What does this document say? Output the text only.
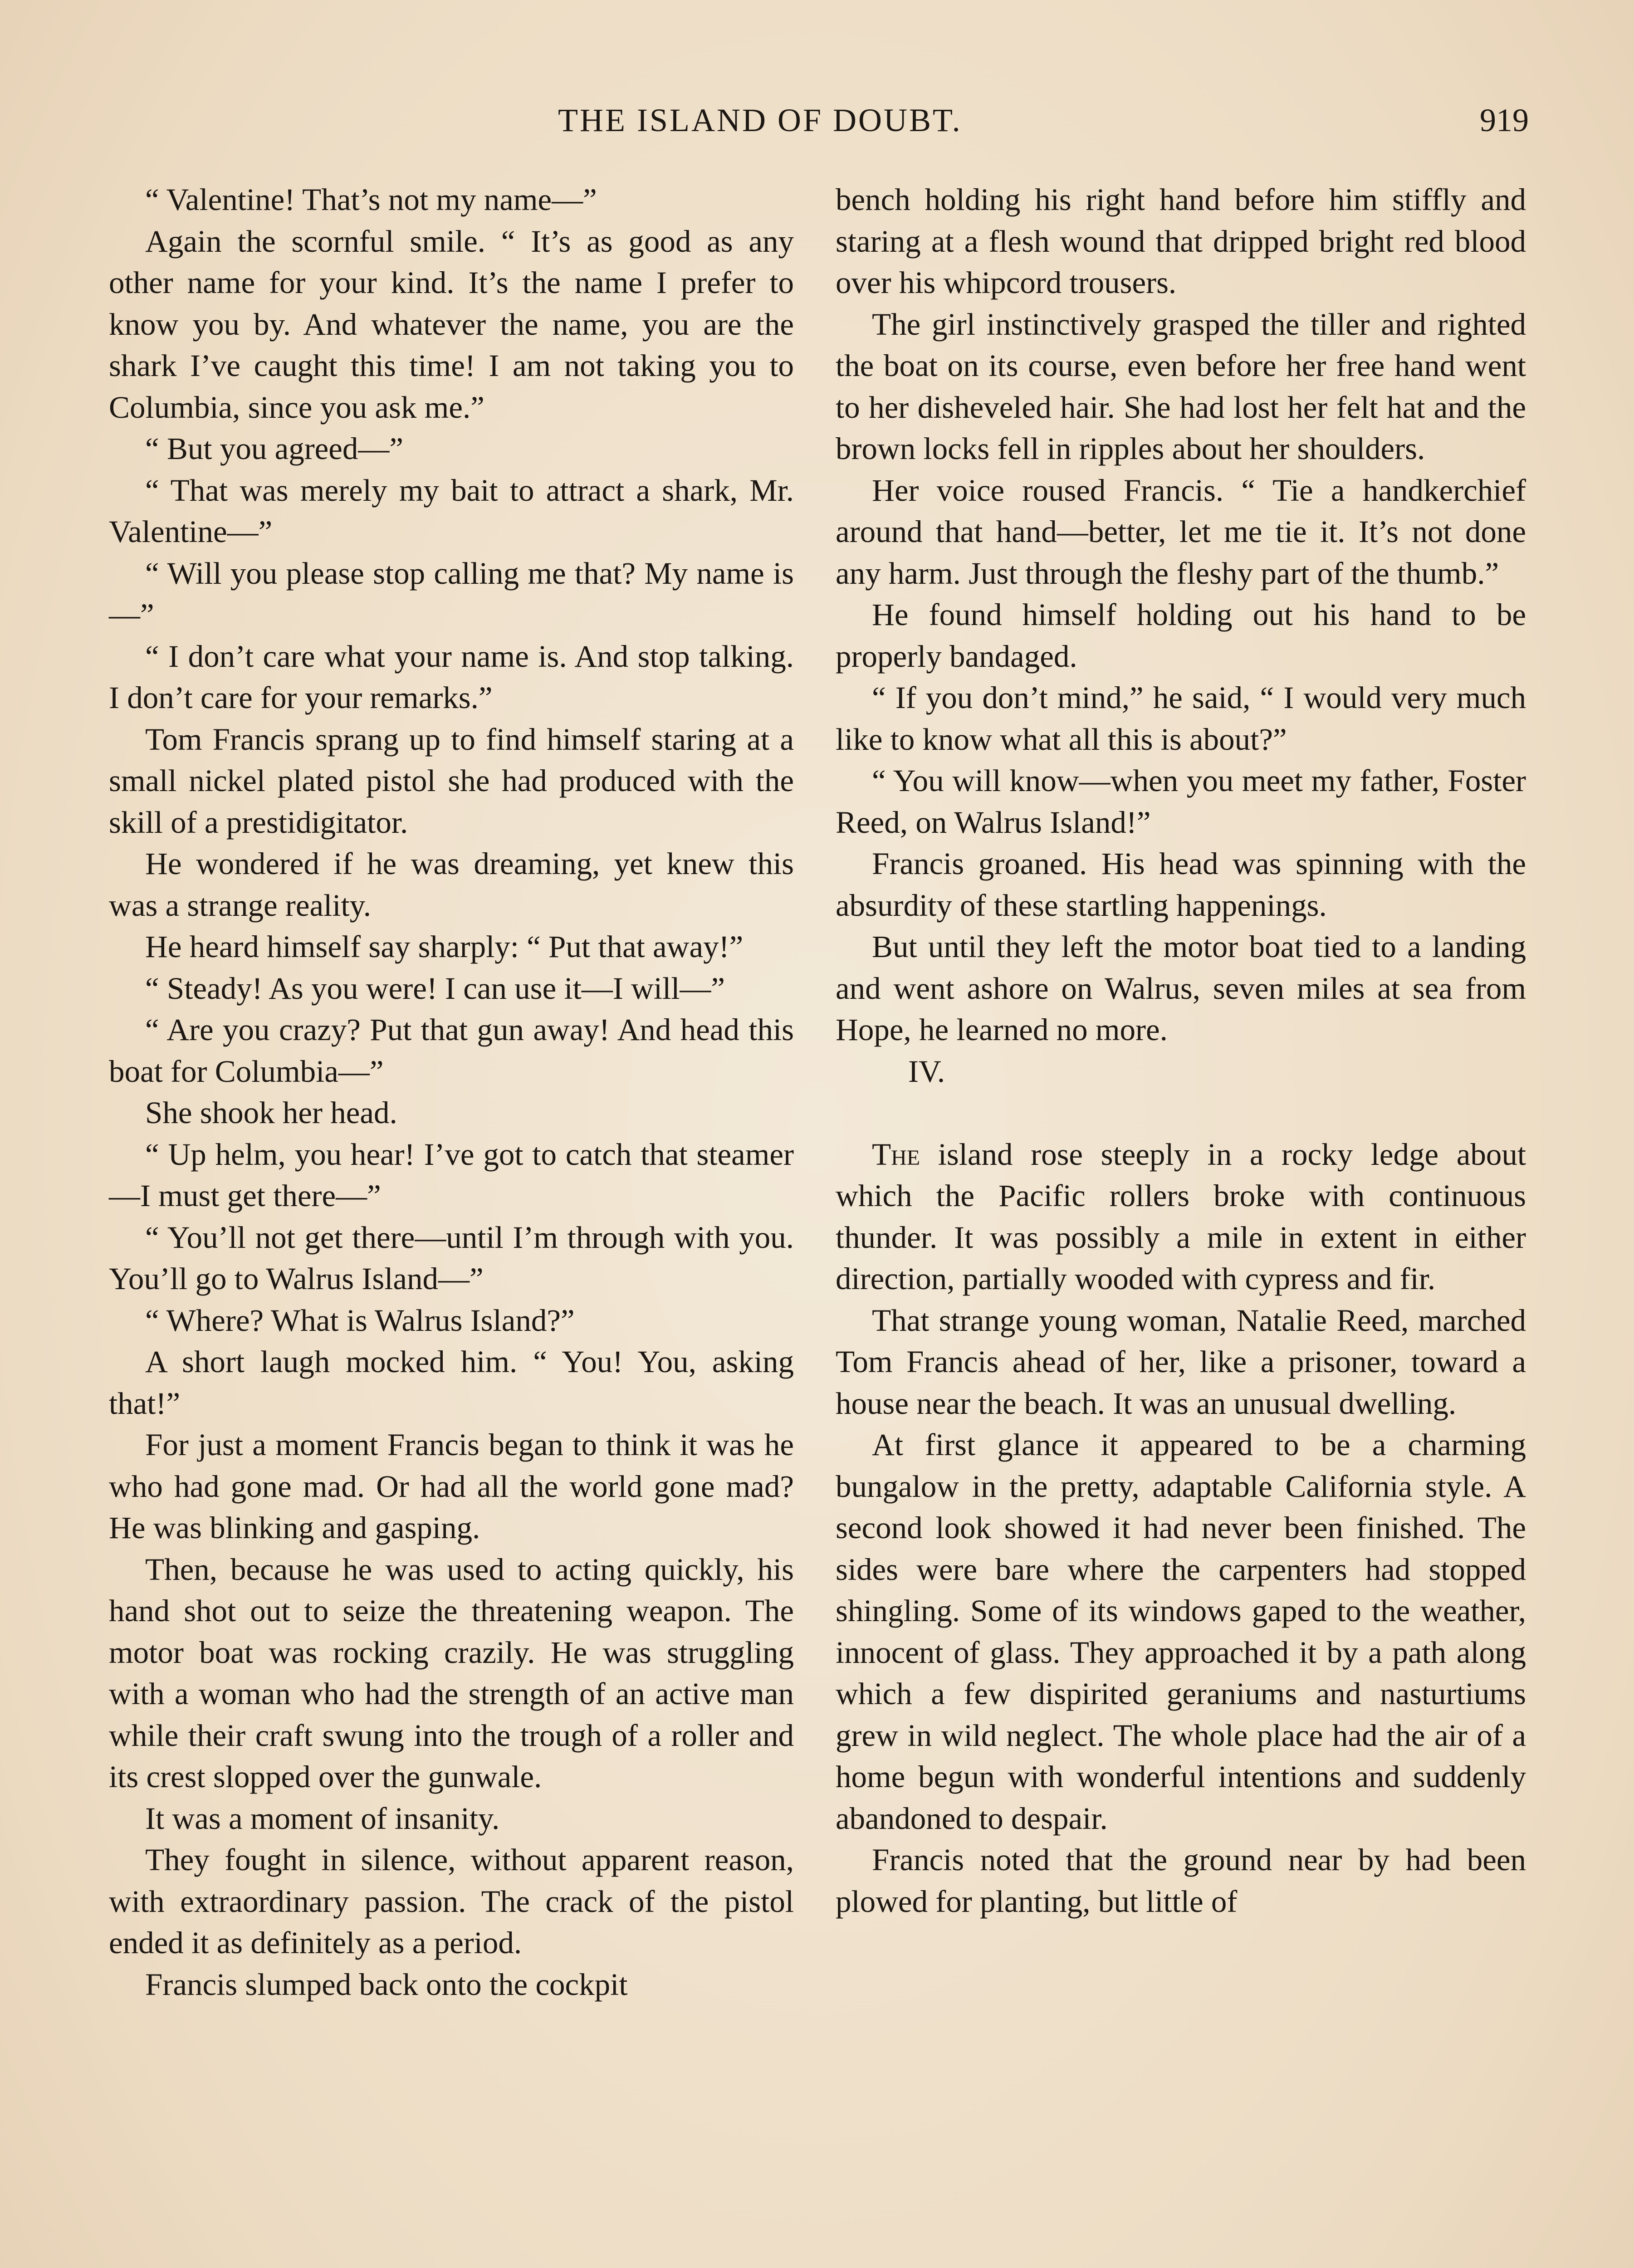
THE ISLAND OF DOUBT.	919

“ Valentine! That’s not my name—”

Again the scornful smile. “ It’s as good as any other name for your kind. It’s the name I prefer to know you by. And whatever the name, you are the shark I’ve caught this time! I am not taking you to Columbia, since you ask me.”

“ But you agreed—”

“ That was merely my bait to attract a shark, Mr. Valentine—”

“ Will you please stop calling me that? My name is—”

“ I don’t care what your name is. And stop talking. I don’t care for your remarks.”

Tom Francis sprang up to find himself staring at a small nickel plated pistol she had produced with the skill of a prestidigitator.

He wondered if he was dreaming, yet knew this was a strange reality.

He heard himself say sharply: “ Put that away!”

“ Steady! As you were! I can use it—I will—”

“ Are you crazy? Put that gun away! And head this boat for Columbia—”

She shook her head.

“ Up helm, you hear! I’ve got to catch that steamer—I must get there—”

“ You’ll not get there—until I’m through with you. You’ll go to Walrus Island—”

“ Where? What is Walrus Island?”

A short laugh mocked him. “ You! You, asking that!”

For just a moment Francis began to think it was he who had gone mad. Or had all the world gone mad? He was blinking and gasping.

Then, because he was used to acting quickly, his hand shot out to seize the threatening weapon. The motor boat was rocking crazily. He was struggling with a woman who had the strength of an active man while their craft swung into the trough of a roller and its crest slopped over the gunwale.

It was a moment of insanity.

They fought in silence, without apparent reason, with extraordinary passion. The crack of the pistol ended it as definitely as a period.

Francis slumped back onto the cockpit

bench holding his right hand before him stiffly and staring at a flesh wound that dripped bright red blood over his whipcord trousers.

The girl instinctively grasped the tiller and righted the boat on its course, even before her free hand went to her disheveled hair. She had lost her felt hat and the brown locks fell in ripples about her shoulders.

Her voice roused Francis. “ Tie a handkerchief around that hand—better, let me tie it. It’s not done any harm. Just through the fleshy part of the thumb.”

He found himself holding out his hand to be properly bandaged.

“ If you don’t mind,” he said, “ I would very much like to know what all this is about?”

“ You will know—when you meet my father, Foster Reed, on Walrus Island!”

Francis groaned. His head was spinning with the absurdity of these startling happenings.

But until they left the motor boat tied to a landing and went ashore on Walrus, seven miles at sea from Hope, he learned no more.

IV.

The island rose steeply in a rocky ledge about which the Pacific rollers broke with continuous thunder. It was possibly a mile in extent in either direction, partially wooded with cypress and fir.

That strange young woman, Natalie Reed, marched Tom Francis ahead of her, like a prisoner, toward a house near the beach. It was an unusual dwelling.

At first glance it appeared to be a charming bungalow in the pretty, adaptable California style. A second look showed it had never been finished. The sides were bare where the carpenters had stopped shingling. Some of its windows gaped to the weather, innocent of glass. They approached it by a path along which a few dispirited geraniums and nasturtiums grew in wild neglect. The whole place had the air of a home begun with wonderful intentions and suddenly abandoned to despair.

Francis noted that the ground near by had been plowed for planting, but little of
